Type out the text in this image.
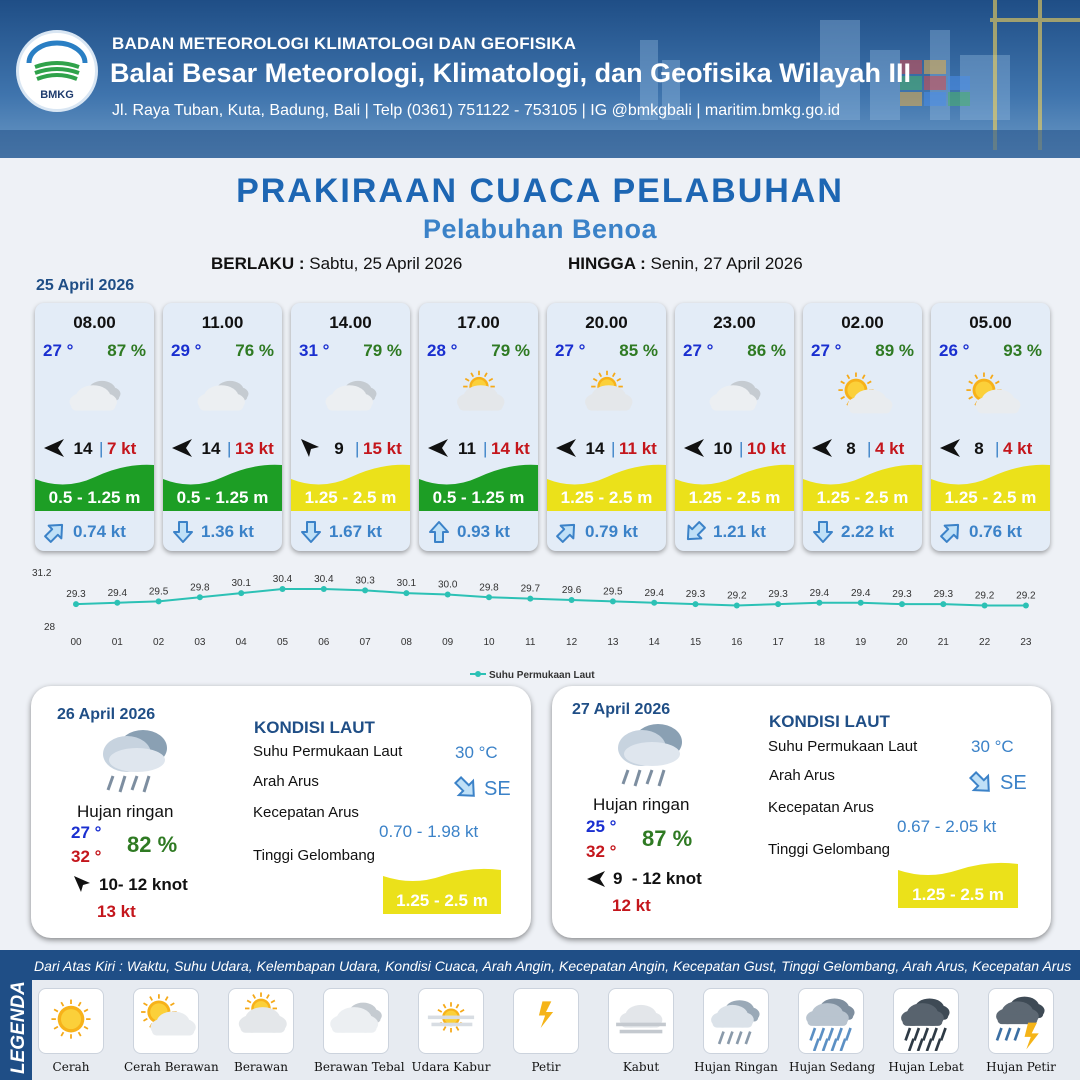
BMKG
BADAN METEOROLOGI KLIMATOLOGI DAN GEOFISIKA
Balai Besar Meteorologi, Klimatologi, dan Geofisika Wilayah III
Jl. Raya Tuban, Kuta, Badung, Bali | Telp (0361) 751122 - 753105 | IG @bmkgbali | maritim.bmkg.go.id
PRAKIRAAN CUACA PELABUHAN
Pelabuhan Benoa
BERLAKU : Sabtu, 25 April 2026	HINGGA : Senin, 27 April 2026
25 April 2026
08.00
27 ° 87 %
14 | 7 kt
0.5 - 1.25 m
0.74 kt
11.00
29 ° 76 %
14 | 13 kt
0.5 - 1.25 m
1.36 kt
14.00
31 ° 79 %
9 | 15 kt
1.25 - 2.5 m
1.67 kt
17.00
28 ° 79 %
11 | 14 kt
0.5 - 1.25 m
0.93 kt
20.00
27 ° 85 %
14 | 11 kt
1.25 - 2.5 m
0.79 kt
23.00
27 ° 86 %
10 | 10 kt
1.25 - 2.5 m
1.21 kt
02.00
27 ° 89 %
8 | 4 kt
1.25 - 2.5 m
2.22 kt
05.00
26 ° 93 %
8 | 4 kt
1.25 - 2.5 m
0.76 kt
31.2
28
29.3
00
29.4
01
29.5
02
29.8
03
30.1
04
30.4
05
30.4
06
30.3
07
30.1
08
30.0
09
29.8
10
29.7
11
29.6
12
29.5
13
29.4
14
29.3
15
29.2
16
29.3
17
29.4
18
29.4
19
29.3
20
29.3
21
29.2
22
29.2
23
Suhu Permukaan Laut
26 April 2026
Hujan ringan
27 °
32 ° 82 %
10- 12 knot
13 kt
KONDISI LAUT
Suhu Permukaan Laut	30 °C
Arah Arus	SE
Kecepatan Arus
0.70 - 1.98 kt
Tinggi Gelombang
1.25 - 2.5 m
27 April 2026
Hujan ringan
25 °
32 °
87 %
9  - 12 knot
12 kt
KONDISI LAUT
Suhu Permukaan Laut	30 °C
Arah Arus	SE
Kecepatan Arus
0.67 - 2.05 kt
Tinggi Gelombang
1.25 - 2.5 m
LEGENDA
Dari Atas Kiri : Waktu, Suhu Udara, Kelembapan Udara, Kondisi Cuaca, Arah Angin, Kecepatan Angin, Kecepatan Gust, Tinggi Gelombang, Arah Arus, Kecepatan Arus
Cerah	Cerah Berawan	Berawan	Berawan Tebal Udara Kabur	Petir	Kabut	Hujan Ringan Hujan Sedang	Hujan Lebat	Hujan Petir
